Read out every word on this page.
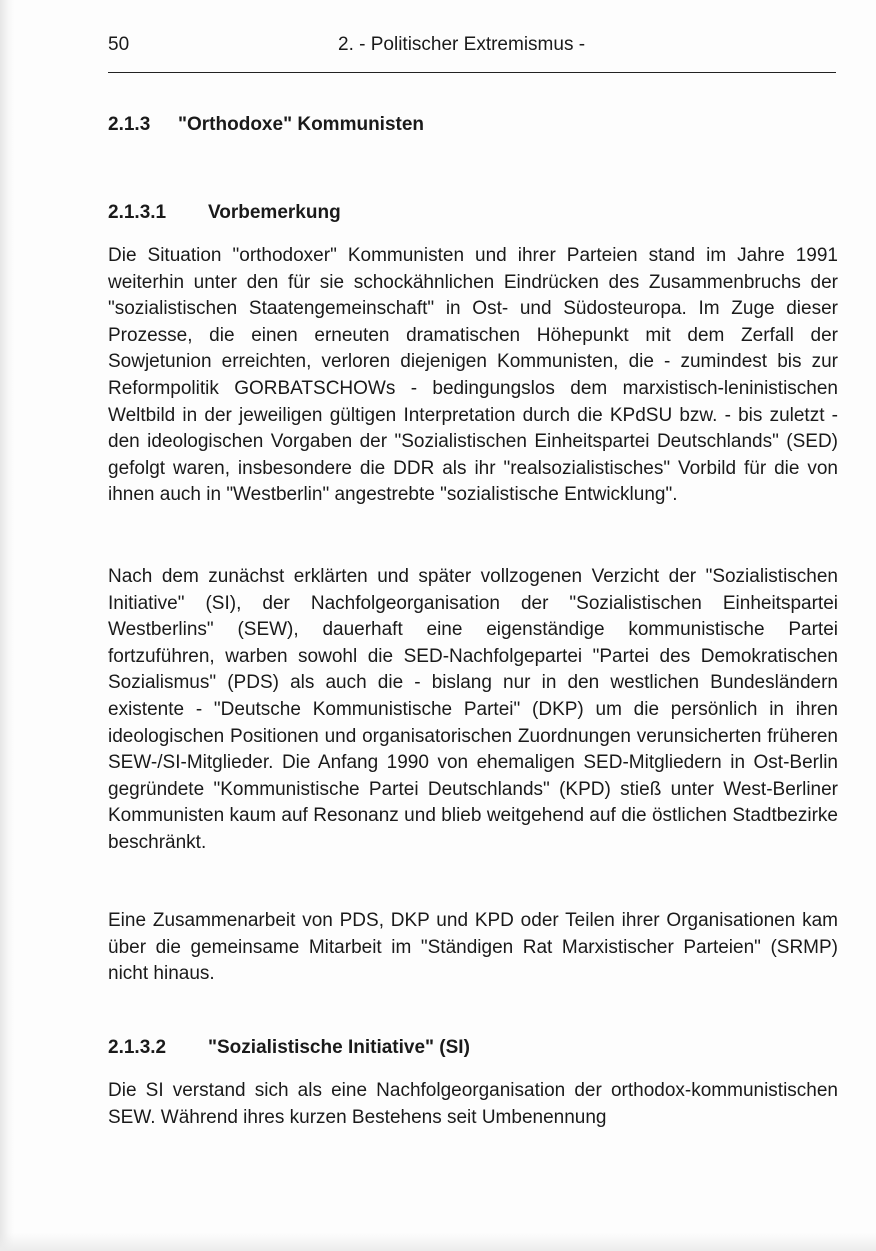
50	2. - Politischer Extremismus -
2.1.3 "Orthodoxe" Kommunisten
2.1.3.1 Vorbemerkung

Die Situation "orthodoxer" Kommunisten und ihrer Parteien stand im Jahre 1991 weiterhin unter den für sie schockähnlichen Eindrücken des Zusammenbruchs der "sozialistischen Staatengemeinschaft" in Ost- und Südosteuropa. Im Zuge dieser Prozesse, die einen erneuten dramatischen Höhepunkt mit dem Zerfall der Sowjetunion erreichten, verloren diejenigen Kommunisten, die - zumindest bis zur Reformpolitik GORBATSCHOWs - bedingungslos dem marxistisch-leninistischen Weltbild in der jeweiligen gültigen Interpretation durch die KPdSU bzw. - bis zuletzt - den ideologischen Vorgaben der "Sozialistischen Einheitspartei Deutschlands" (SED) gefolgt waren, insbesondere die DDR als ihr "realsozialistisches" Vorbild für die von ihnen auch in "Westberlin" angestrebte "sozialistische Entwicklung".

Nach dem zunächst erklärten und später vollzogenen Verzicht der "Sozialistischen Initiative" (SI), der Nachfolgeorganisation der "Sozialistischen Einheitspartei Westberlins" (SEW), dauerhaft eine eigenständige kommunistische Partei fortzuführen, warben sowohl die SED-Nachfolgepartei "Partei des Demokratischen Sozialismus" (PDS) als auch die - bislang nur in den westlichen Bundesländern existente - "Deutsche Kommunistische Partei" (DKP) um die persönlich in ihren ideologischen Positionen und organisatorischen Zuordnungen verunsicherten früheren SEW-/SI-Mitglieder. Die Anfang 1990 von ehemaligen SED-Mitgliedern in Ost-Berlin gegründete "Kommunistische Partei Deutschlands" (KPD) stieß unter West-Berliner Kommunisten kaum auf Resonanz und blieb weitgehend auf die östlichen Stadtbezirke beschränkt.

Eine Zusammenarbeit von PDS, DKP und KPD oder Teilen ihrer Organisationen kam über die gemeinsame Mitarbeit im "Ständigen Rat Marxistischer Parteien" (SRMP) nicht hinaus.

2.1.3.2 "Sozialistische Initiative" (SI)

Die SI verstand sich als eine Nachfolgeorganisation der orthodox-kommunistischen SEW. Während ihres kurzen Bestehens seit Umbenennung
